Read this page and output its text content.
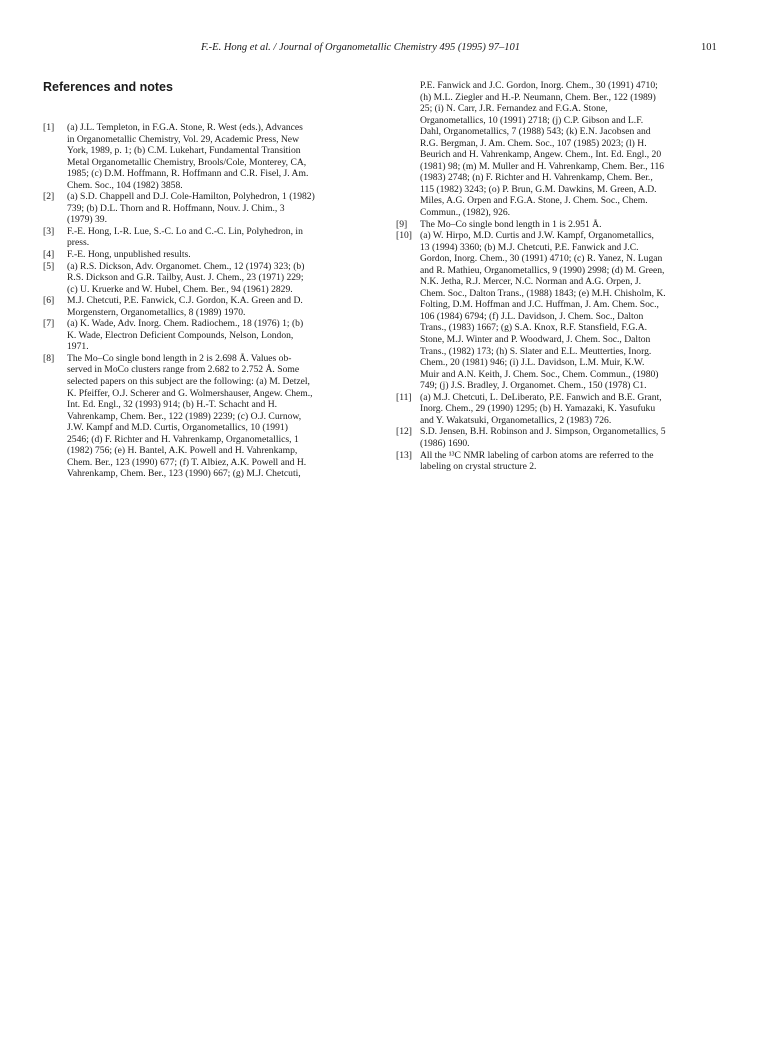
F.-E. Hong et al. / Journal of Organometallic Chemistry 495 (1995) 97–101	101
References and notes
[1]	(a) J.L. Templeton, in F.G.A. Stone, R. West (eds.), Advances
in Organometallic Chemistry, Vol. 29, Academic Press, New
York, 1989, p. 1; (b) C.M. Lukehart, Fundamental Transition
Metal Organometallic Chemistry, Brools/Cole, Monterey, CA,
1985; (c) D.M. Hoffmann, R. Hoffmann and C.R. Fisel, J. Am.
Chem. Soc., 104 (1982) 3858.
[2]	(a) S.D. Chappell and D.J. Cole-Hamilton, Polyhedron, 1 (1982)
739; (b) D.L. Thorn and R. Hoffmann, Nouv. J. Chim., 3
(1979) 39.
[3]	F.-E. Hong, I.-R. Lue, S.-C. Lo and C.-C. Lin, Polyhedron, in
press.
[4]	F.-E. Hong, unpublished results.
[5]	(a) R.S. Dickson, Adv. Organomet. Chem., 12 (1974) 323; (b)
R.S. Dickson and G.R. Tailby, Aust. J. Chem., 23 (1971) 229;
(c) U. Kruerke and W. Hubel, Chem. Ber., 94 (1961) 2829.
[6]	M.J. Chetcuti, P.E. Fanwick, C.J. Gordon, K.A. Green and D.
Morgenstern, Organometallics, 8 (1989) 1970.
[7]	(a) K. Wade, Adv. Inorg. Chem. Radiochem., 18 (1976) 1; (b)
K. Wade, Electron Deficient Compounds, Nelson, London,
1971.
[8]	The Mo–Co single bond length in 2 is 2.698 Å. Values ob-
served in MoCo clusters range from 2.682 to 2.752 Å. Some
selected papers on this subject are the following: (a) M. Detzel,
K. Pfeiffer, O.J. Scherer and G. Wolmershauser, Angew. Chem.,
Int. Ed. Engl., 32 (1993) 914; (b) H.-T. Schacht and H.
Vahrenkamp, Chem. Ber., 122 (1989) 2239; (c) O.J. Curnow,
J.W. Kampf and M.D. Curtis, Organometallics, 10 (1991)
2546; (d) F. Richter and H. Vahrenkamp, Organometallics, 1
(1982) 756; (e) H. Bantel, A.K. Powell and H. Vahrenkamp,
Chem. Ber., 123 (1990) 677; (f) T. Albiez, A.K. Powell and H.
Vahrenkamp, Chem. Ber., 123 (1990) 667; (g) M.J. Chetcuti,
P.E. Fanwick and J.C. Gordon, Inorg. Chem., 30 (1991) 4710;
(h) M.L. Ziegler and H.-P. Neumann, Chem. Ber., 122 (1989)
25; (i) N. Carr, J.R. Fernandez and F.G.A. Stone,
Organometallics, 10 (1991) 2718; (j) C.P. Gibson and L.F.
Dahl, Organometallics, 7 (1988) 543; (k) E.N. Jacobsen and
R.G. Bergman, J. Am. Chem. Soc., 107 (1985) 2023; (l) H.
Beurich and H. Vahrenkamp, Angew. Chem., Int. Ed. Engl., 20
(1981) 98; (m) M. Muller and H. Vahrenkamp, Chem. Ber., 116
(1983) 2748; (n) F. Richter and H. Vahrenkamp, Chem. Ber.,
115 (1982) 3243; (o) P. Brun, G.M. Dawkins, M. Green, A.D.
Miles, A.G. Orpen and F.G.A. Stone, J. Chem. Soc., Chem.
Commun., (1982), 926.
[9]	The Mo–Co single bond length in 1 is 2.951 Å.
[10] (a) W. Hirpo, M.D. Curtis and J.W. Kampf, Organometallics,
13 (1994) 3360; (b) M.J. Chetcuti, P.E. Fanwick and J.C.
Gordon, Inorg. Chem., 30 (1991) 4710; (c) R. Yanez, N. Lugan
and R. Mathieu, Organometallics, 9 (1990) 2998; (d) M. Green,
N.K. Jetha, R.J. Mercer, N.C. Norman and A.G. Orpen, J.
Chem. Soc., Dalton Trans., (1988) 1843; (e) M.H. Chisholm, K.
Folting, D.M. Hoffman and J.C. Huffman, J. Am. Chem. Soc.,
106 (1984) 6794; (f) J.L. Davidson, J. Chem. Soc., Dalton
Trans., (1983) 1667; (g) S.A. Knox, R.F. Stansfield, F.G.A.
Stone, M.J. Winter and P. Woodward, J. Chem. Soc., Dalton
Trans., (1982) 173; (h) S. Slater and E.L. Meutterties, Inorg.
Chem., 20 (1981) 946; (i) J.L. Davidson, L.M. Muir, K.W.
Muir and A.N. Keith, J. Chem. Soc., Chem. Commun., (1980)
749; (j) J.S. Bradley, J. Organomet. Chem., 150 (1978) C1.
[11] (a) M.J. Chetcuti, L. DeLiberato, P.E. Fanwich and B.E. Grant,
Inorg. Chem., 29 (1990) 1295; (b) H. Yamazaki, K. Yasufuku
and Y. Wakatsuki, Organometallics, 2 (1983) 726.
[12] S.D. Jensen, B.H. Robinson and J. Simpson, Organometallics, 5
(1986) 1690.
[13] All the ¹³C NMR labeling of carbon atoms are referred to the
labeling on crystal structure 2.
